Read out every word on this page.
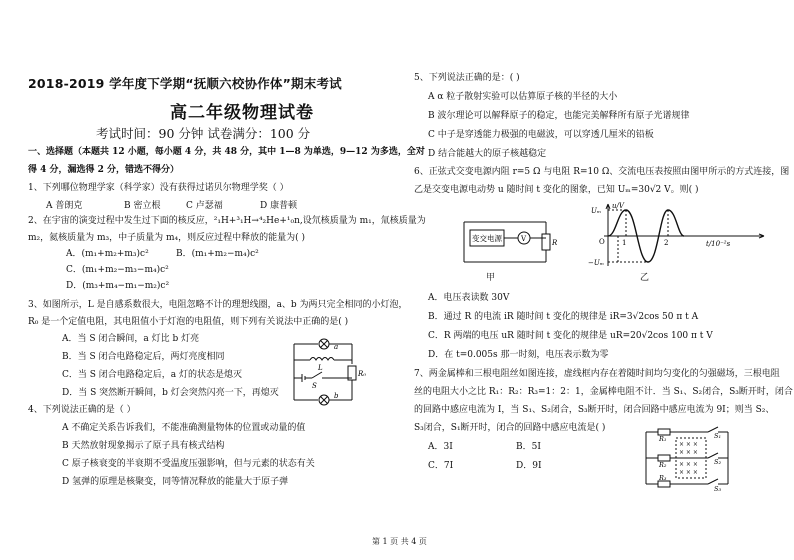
2018-2019 学年度下学期“抚顺六校协作体”期末考试
高二年级物理试卷
考试时间：90 分钟 试卷满分：100 分
一、选择题（本题共 12 小题，每小题 4 分，共 48 分，其中 1—8 为单选，9—12 为多选，全对
得 4 分，漏选得 2 分，错选不得分）
1、下列哪位物理学家（科学家）没有获得过诺贝尔物理学奖（ ）
A 普朗克	B 密立根	C 卢瑟福	D 康普顿
2、在宇宙的演变过程中发生过下面的核反应，²₁H+³₁H→⁴₂He+¹₀n,设氘核质量为 m₁，氚核质量为
m₂，氦核质量为 m₃，中子质量为 m₄，则反应过程中释放的能量为( )
A．(m₁+m₂+m₃)c²	B．(m₁+m₂−m₄)c²
C．(m₁+m₂−m₃−m₄)c²
D．(m₃+m₄−m₁−m₂)c²
3、如图所示，L 是自感系数很大，电阻忽略不计的理想线圈，a、b 为两只完全相同的小灯泡，
R₀ 是一个定值电阻，其电阻值小于灯泡的电阻值，则下列有关说法中正确的是( )
A．当 S 闭合瞬间，a 灯比 b 灯亮
B．当 S 闭合电路稳定后，两灯亮度相同
C．当 S 闭合电路稳定后，a 灯的状态是熄灭
D．当 S 突然断开瞬间，b 灯会突然闪亮一下，再熄灭
a
b
L
R₀
S
4、下列说法正确的是（ ）
A 不确定关系告诉我们，不能准确测量物体的位置或动量的值
B 天然放射现象揭示了原子具有核式结构
C 原子核衰变的半衰期不受温度压强影响，但与元素的状态有关
D 氢弹的原理是核聚变，同等情况释放的能量大于原子弹
5、下列说法正确的是：( )
A α 粒子散射实验可以估算原子核的半径的大小
B 波尔理论可以解释原子的稳定，也能完美解释所有原子光谱规律
C 中子是穿透能力极强的电磁波，可以穿透几厘米的铅板
D 结合能越大的原子核越稳定
6、正弦式交变电源内阻 r=5 Ω 与电阻 R=10 Ω、交流电压表按照由图甲所示的方式连接，图
乙是交变电源电动势 u 随时间 t 变化的图象，已知 Uₘ=30√2 V。则( )
变交电源	V	R
甲
u/V
Uₘ
−Uₘ
O 1	2	t/10⁻²s
乙
A．电压表读数 30V
B．通过 R 的电流 iR 随时间 t 变化的规律是 iR=3√2cos 50 π t A
C．R 两端的电压 uR 随时间 t 变化的规律是 uR=20√2cos 100 π t V
D．在 t=0.005s 那一时刻，电压表示数为零
7、两金属棒和三根电阻丝如图连接，虚线框内存在着随时间均匀变化的匀强磁场，三根电阻
丝的电阻大小之比 R₁：R₂：R₃=1：2：1，金属棒电阻不计．当 S₁、S₂闭合，S₃断开时，闭合
的回路中感应电流为 I，当 S₁、S₂闭合，S₃断开时，闭合回路中感应电流为 9I；则当 S₂、
S₃闭合，S₁断开时，闭合的回路中感应电流是( )
A．3I	B．5I
C．7I	D．9I
× × ×
× × ×
× × ×
× × ×
R₁
R₂
R₃
S₁
S₂
S₃
第 1 页 共 4 页
